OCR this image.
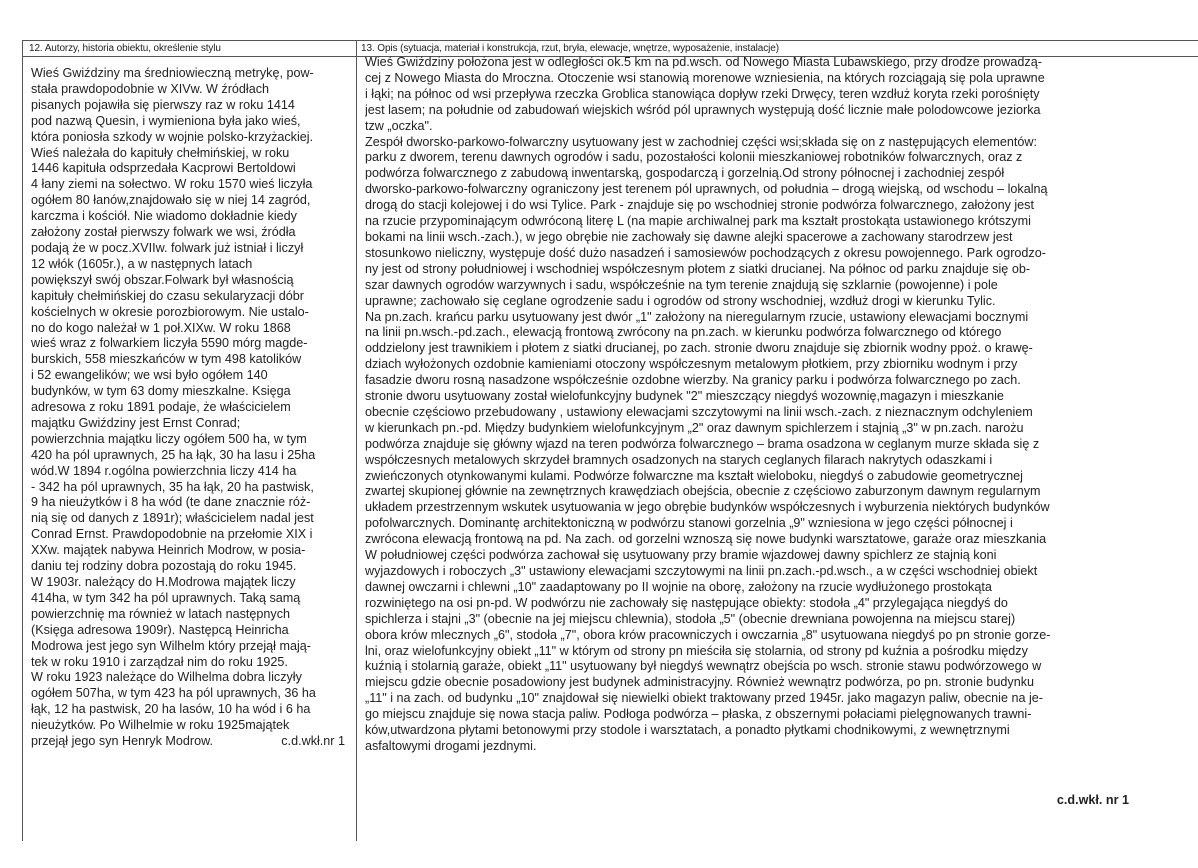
12. Autorzy, historia obiektu, określenie stylu	13. Opis (sytuacja, materiał i konstrukcja, rzut, bryła, elewacje, wnętrze, wyposażenie, instalacje)
Wieś Gwiździny ma średniowieczną metrykę, pow-
stała prawdopodobnie w XIVw. W źródłach
pisanych pojawiła się pierwszy raz w roku 1414
pod nazwą Quesin, i wymieniona była jako wieś,
która poniosła szkody w wojnie polsko-krzyżackiej.
Wieś należała do kapituły chełmińskiej, w roku
1446 kapituła odsprzedała Kacprowi Bertoldowi
4 łany ziemi na sołectwo. W roku 1570 wieś liczyła
ogółem 80 łanów,znajdowało się w niej 14 zagród,
karczma i kościół. Nie wiadomo dokładnie kiedy
założony został pierwszy folwark we wsi, źródła
podają że w pocz.XVIIw. folwark już istniał i liczył
12 włók (1605r.), a w następnych latach
powiększył swój obszar.Folwark był własnością
kapituły chełmińskiej do czasu sekularyzacji dóbr
kościelnych w okresie porozbiorowym. Nie ustalo-
no do kogo należał w 1 poł.XIXw. W roku 1868
wieś wraz z folwarkiem liczyła 5590 mórg magde-
burskich, 558 mieszkańców w tym 498 katolików
i 52 ewangelików; we wsi było ogółem 140
budynków, w tym 63 domy mieszkalne. Księga
adresowa z roku 1891 podaje, że właścicielem
majątku Gwiździny jest Ernst Conrad;
powierzchnia majątku liczy ogółem 500 ha, w tym
420 ha pól uprawnych, 25 ha łąk, 30 ha lasu i 25ha
wód.W 1894 r.ogólna powierzchnia liczy 414 ha
- 342 ha pól uprawnych, 35 ha łąk, 20 ha pastwisk,
9 ha nieużytków i 8 ha wód (te dane znacznie róż-
nią się od danych z 1891r); właścicielem nadal jest
Conrad Ernst. Prawdopodobnie na przełomie XIX i
XXw. majątek nabywa Heinrich Modrow, w posia-
daniu tej rodziny dobra pozostają do roku 1945.
W 1903r. należący do H.Modrowa majątek liczy
414ha, w tym 342 ha pól uprawnych. Taką samą
powierzchnię ma również w latach następnych
(Księga adresowa 1909r). Następcą Heinricha
Modrowa jest jego syn Wilhelm który przejął mają-
tek w roku 1910 i zarządzał nim do roku 1925.
W roku 1923 należące do Wilhelma dobra liczyły
ogółem 507ha, w tym 423 ha pól uprawnych, 36 ha
łąk, 12 ha pastwisk, 20 ha lasów, 10 ha wód i 6 ha
nieużytków. Po Wilhelmie w roku 1925majątek
przejął jego syn Henryk Modrow.	c.d.wkł.nr 1
Wieś Gwiździny położona jest w odległości ok.5 km na pd.wsch. od Nowego Miasta Lubawskiego, przy drodze prowadzą-
cej z Nowego Miasta do Mroczna. Otoczenie wsi stanowią morenowe wzniesienia, na których rozciągają się pola uprawne
i łąki; na północ od wsi przepływa rzeczka Groblica stanowiąca dopływ rzeki Drwęcy, teren wzdłuż koryta rzeki porośnięty
jest lasem; na południe od zabudowań wiejskich wśród pól uprawnych występują dość licznie małe polodowcowe jeziorka
tzw „oczka".
Zespół dworsko-parkowo-folwarczny usytuowany jest w zachodniej części wsi;składa się on z następujących elementów:
parku z dworem, terenu dawnych ogrodów i sadu, pozostałości kolonii mieszkaniowej robotników folwarcznych, oraz z
podwórza folwarcznego z zabudową inwentarską, gospodarczą i gorzelnią.Od strony północnej i zachodniej zespół
dworsko-parkowo-folwarczny ograniczony jest terenem pól uprawnych, od południa – drogą wiejską, od wschodu – lokalną
drogą do stacji kolejowej i do wsi Tylice. Park - znajduje się po wschodniej stronie podwórza folwarcznego, założony jest
na rzucie przypominającym odwróconą literę L (na mapie archiwalnej park ma kształt prostokąta ustawionego krótszymi
bokami na linii wsch.-zach.), w jego obrębie nie zachowały się dawne alejki spacerowe a zachowany starodrzew jest
stosunkowo nieliczny, występuje dość dużo nasadzeń i samosiewów pochodzących z okresu powojennego. Park ogrodzo-
ny jest od strony południowej i wschodniej współczesnym płotem z siatki drucianej. Na północ od parku znajduje się ob-
szar dawnych ogrodów warzywnych i sadu, współcześnie na tym terenie znajdują się szklarnie (powojenne) i pole
uprawne; zachowało się ceglane ogrodzenie sadu i ogrodów od strony wschodniej, wzdłuż drogi w kierunku Tylic.
Na pn.zach. krańcu parku usytuowany jest dwór „1" założony na nieregularnym rzucie, ustawiony elewacjami bocznymi
na linii pn.wsch.-pd.zach., elewacją frontową zwrócony na pn.zach. w kierunku podwórza folwarcznego od którego
oddzielony jest trawnikiem i płotem z siatki drucianej, po zach. stronie dworu znajduje się zbiornik wodny ppoż. o krawę-
dziach wyłożonych ozdobnie kamieniami otoczony współczesnym metalowym płotkiem, przy zbiorniku wodnym i przy
fasadzie dworu rosną nasadzone współcześnie ozdobne wierzby. Na granicy parku i podwórza folwarcznego po zach.
stronie dworu usytuowany został wielofunkcyjny budynek "2" mieszczący niegdyś wozownię,magazyn i mieszkanie
obecnie częściowo przebudowany , ustawiony elewacjami szczytowymi na linii wsch.-zach. z nieznacznym odchyleniem
w kierunkach pn.-pd. Między budynkiem wielofunkcyjnym „2" oraz dawnym spichlerzem i stajnią „3" w pn.zach. narożu
podwórza znajduje się główny wjazd na teren podwórza folwarcznego – brama osadzona w ceglanym murze składa się z
współczesnych metalowych skrzydeł bramnych osadzonych na starych ceglanych filarach nakrytych odaszkami i
zwieńczonych otynkowanymi kulami. Podwórze folwarczne ma kształt wieloboku, niegdyś o zabudowie geometrycznej
zwartej skupionej głównie na zewnętrznych krawędziach obejścia, obecnie z częściowo zaburzonym dawnym regularnym
układem przestrzennym wskutek usytuowania w jego obrębie budynków współczesnych i wyburzenia niektórych budynków
pofolwarcznych. Dominantę architektoniczną w podwórzu stanowi gorzelnia „9" wzniesiona w jego części północnej i
zwrócona elewacją frontową na pd. Na zach. od gorzelni wznoszą się nowe budynki warsztatowe, garaże oraz mieszkania
W południowej części podwórza zachował się usytuowany przy bramie wjazdowej dawny spichlerz ze stajnią koni
wyjazdowych i roboczych „3" ustawiony elewacjami szczytowymi na linii pn.zach.-pd.wsch., a w części wschodniej obiekt
dawnej owczarni i chlewni „10" zaadaptowany po II wojnie na oborę, założony na rzucie wydłużonego prostokąta
rozwiniętego na osi pn-pd. W podwórzu nie zachowały się następujące obiekty: stodoła „4" przylegająca niegdyś do
spichlerza i stajni „3" (obecnie na jej miejscu chlewnia), stodoła „5" (obecnie drewniana powojenna na miejscu starej)
obora krów mlecznych „6", stodoła „7", obora krów pracowniczych i owczarnia „8" usytuowana niegdyś po pn stronie gorze-
lni, oraz wielofunkcyjny obiekt „11" w którym od strony pn mieściła się stolarnia, od strony pd kuźnia a pośrodku między
kuźnią i stolarnią garaże, obiekt „11" usytuowany był niegdyś wewnątrz obejścia po wsch. stronie stawu podwórzowego w
miejscu gdzie obecnie posadowiony jest budynek administracyjny. Również wewnątrz podwórza, po pn. stronie budynku
„11" i na zach. od budynku „10" znajdował się niewielki obiekt traktowany przed 1945r. jako magazyn paliw, obecnie na je-
go miejscu znajduje się nowa stacja paliw. Podłoga podwórza – płaska, z obszernymi połaciami pielęgnowanych trawni-
ków,utwardzona płytami betonowymi przy stodole i warsztatach, a ponadto płytkami chodnikowymi, z wewnętrznymi
asfaltowymi drogami jezdnymi.
c.d.wkł. nr 1
